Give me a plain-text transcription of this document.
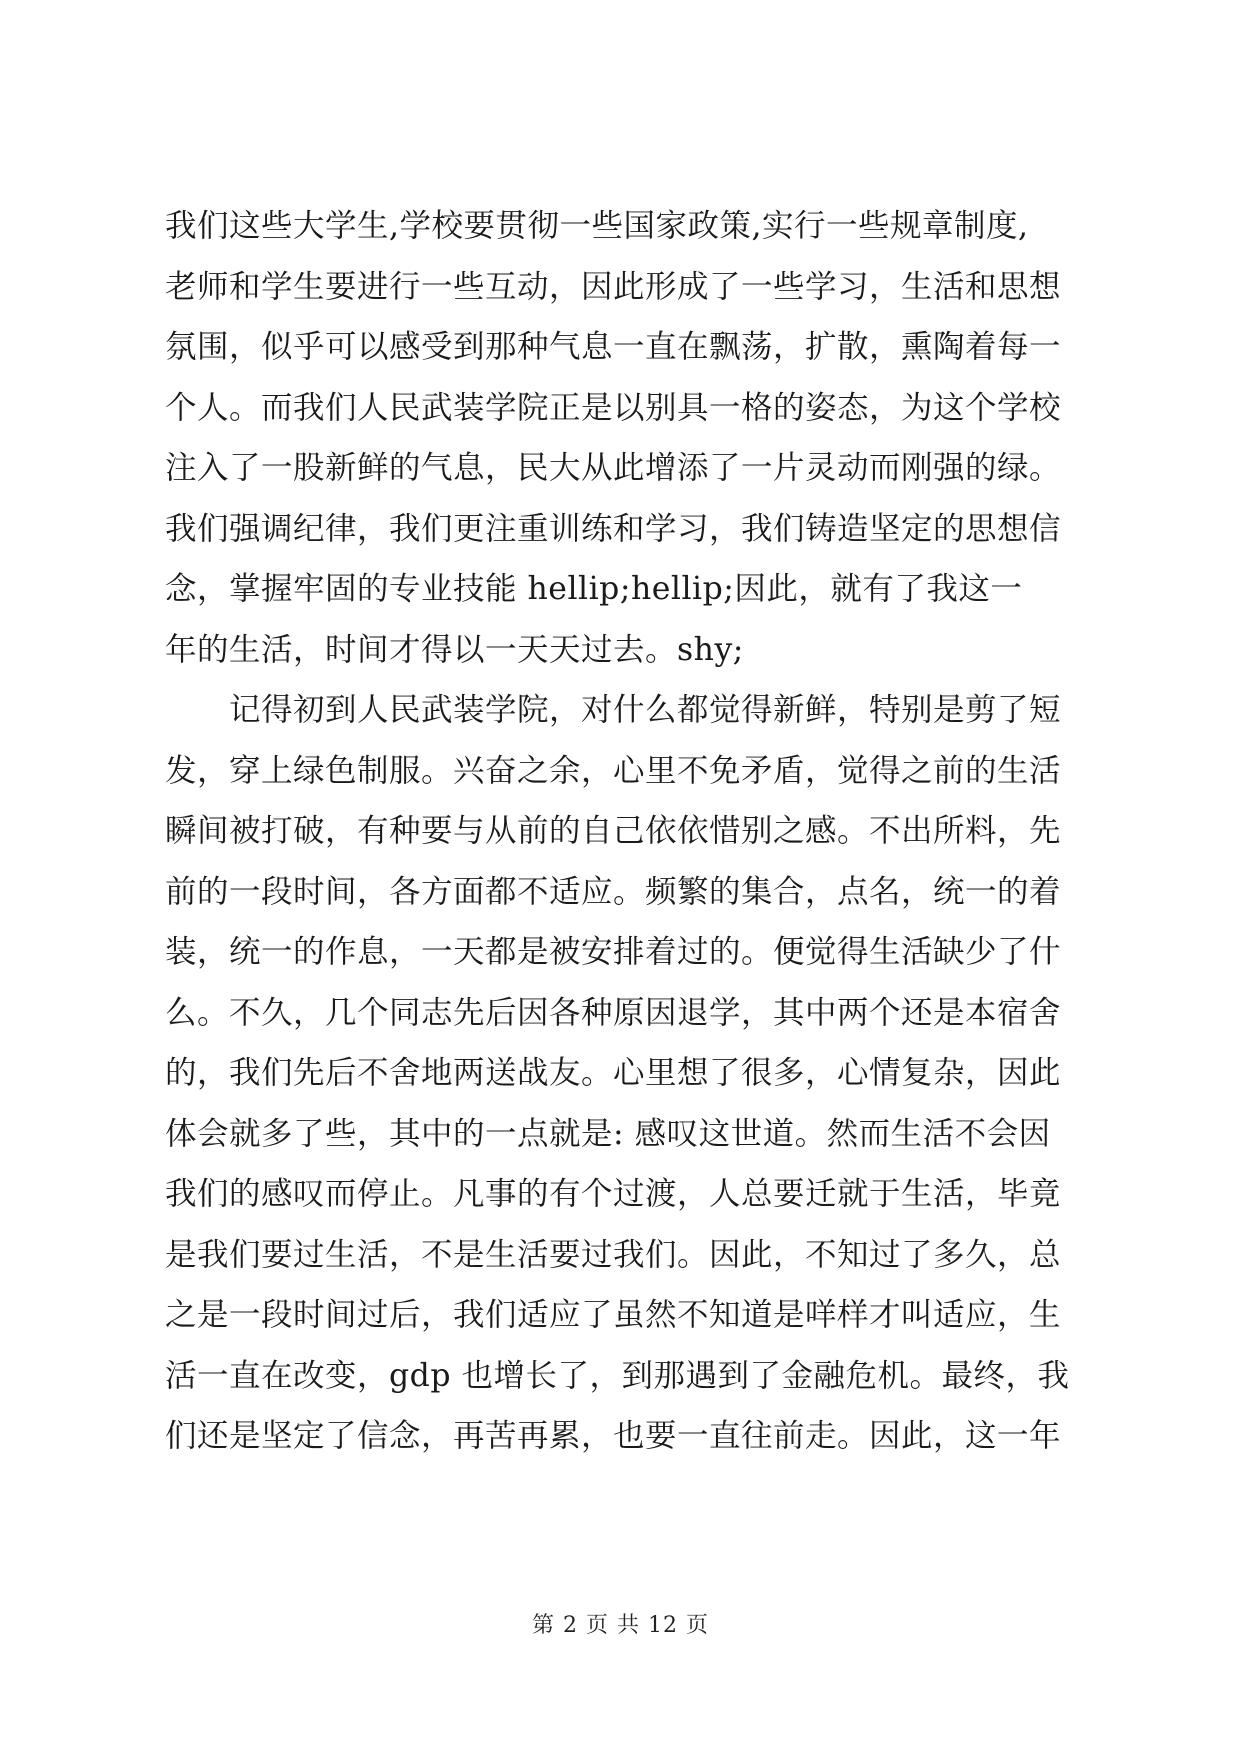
我们这些大学生,学校要贯彻一些国家政策,实行一些规章制度,
老师和学生要进行一些互动，因此形成了一些学习，生活和思想
氛围，似乎可以感受到那种气息一直在飘荡，扩散，熏陶着每一
个人。而我们人民武装学院正是以别具一格的姿态，为这个学校
注入了一股新鲜的气息，民大从此增添了一片灵动而刚强的绿。
我们强调纪律，我们更注重训练和学习，我们铸造坚定的思想信
念，掌握牢固的专业技能 hellip;hellip;因此，就有了我这一
年的生活，时间才得以一天天过去。shy;
　　记得初到人民武装学院，对什么都觉得新鲜，特别是剪了短
发，穿上绿色制服。兴奋之余，心里不免矛盾，觉得之前的生活
瞬间被打破，有种要与从前的自己依依惜别之感。不出所料，先
前的一段时间，各方面都不适应。频繁的集合，点名，统一的着
装，统一的作息，一天都是被安排着过的。便觉得生活缺少了什
么。不久，几个同志先后因各种原因退学，其中两个还是本宿舍
的，我们先后不舍地两送战友。心里想了很多，心情复杂，因此
体会就多了些，其中的一点就是: 感叹这世道。然而生活不会因
我们的感叹而停止。凡事的有个过渡，人总要迁就于生活，毕竟
是我们要过生活，不是生活要过我们。因此，不知过了多久，总
之是一段时间过后，我们适应了虽然不知道是咩样才叫适应，生
活一直在改变，gdp 也增长了，到那遇到了金融危机。最终，我
们还是坚定了信念，再苦再累，也要一直往前走。因此，这一年
第 2 页 共 12 页
